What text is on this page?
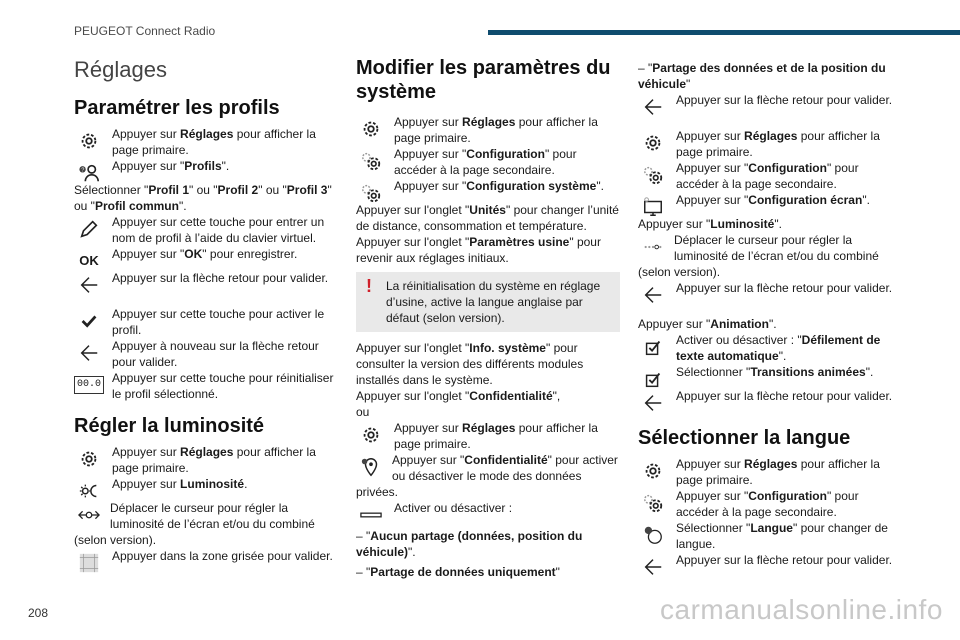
PEUGEOT Connect Radio
Réglages
Paramétrer les profils

Appuyer sur Réglages pour afficher la page primaire.

? Appuyer sur "Profils".

Sélectionner "Profil 1" ou "Profil 2" ou "Profil 3" ou "Profil commun".

Appuyer sur cette touche pour entrer un nom de profil à l’aide du clavier virtuel.

OK	Appuyer sur "OK" pour enregistrer.

Appuyer sur la flèche retour pour valider.

Appuyer sur cette touche pour activer le profil.

Appuyer à nouveau sur la flèche retour pour valider.

00.0 Appuyer sur cette touche pour réinitialiser le profil sélectionné.

Régler la luminosité

Appuyer sur Réglages pour afficher la page primaire.

Appuyer sur Luminosité.

Déplacer le curseur pour régler la luminosité de l’écran et/ou du combiné (selon version).

Appuyer dans la zone grisée pour valider.

Modifier les paramètres du système

Appuyer sur Réglages pour afficher la page primaire.

Appuyer sur "Configuration" pour accéder à la page secondaire.

Appuyer sur "Configuration système".

Appuyer sur l'onglet "Unités" pour changer l’unité de distance, consommation et température.

Appuyer sur l'onglet "Paramètres usine" pour revenir aux réglages initiaux.

! La réinitialisation du système en réglage d’usine, active la langue anglaise par défaut (selon version).

Appuyer sur l'onglet "Info. système" pour consulter la version des différents modules installés dans le système.

Appuyer sur l'onglet "Confidentialité",

ou

Appuyer sur Réglages pour afficher la page primaire.

Appuyer sur "Confidentialité" pour activer ou désactiver le mode des données privées.

Activer ou désactiver :

– "Aucun partage (données, position du véhicule)".

– "Partage de données uniquement"

– "Partage des données et de la position du véhicule"

Appuyer sur la flèche retour pour valider.

Appuyer sur Réglages pour afficher la page primaire.

Appuyer sur "Configuration" pour accéder à la page secondaire.

Appuyer sur "Configuration écran".

Appuyer sur "Luminosité".

Déplacer le curseur pour régler la luminosité de l’écran et/ou du combiné (selon version).

Appuyer sur la flèche retour pour valider.

Appuyer sur "Animation".

Activer ou désactiver : "Défilement de texte automatique".

Sélectionner "Transitions animées".

Appuyer sur la flèche retour pour valider.

Sélectionner la langue

Appuyer sur Réglages pour afficher la page primaire.

Appuyer sur "Configuration" pour accéder à la page secondaire.

Sélectionner "Langue" pour changer de langue.

Appuyer sur la flèche retour pour valider.

208	carmanualsonline.info
